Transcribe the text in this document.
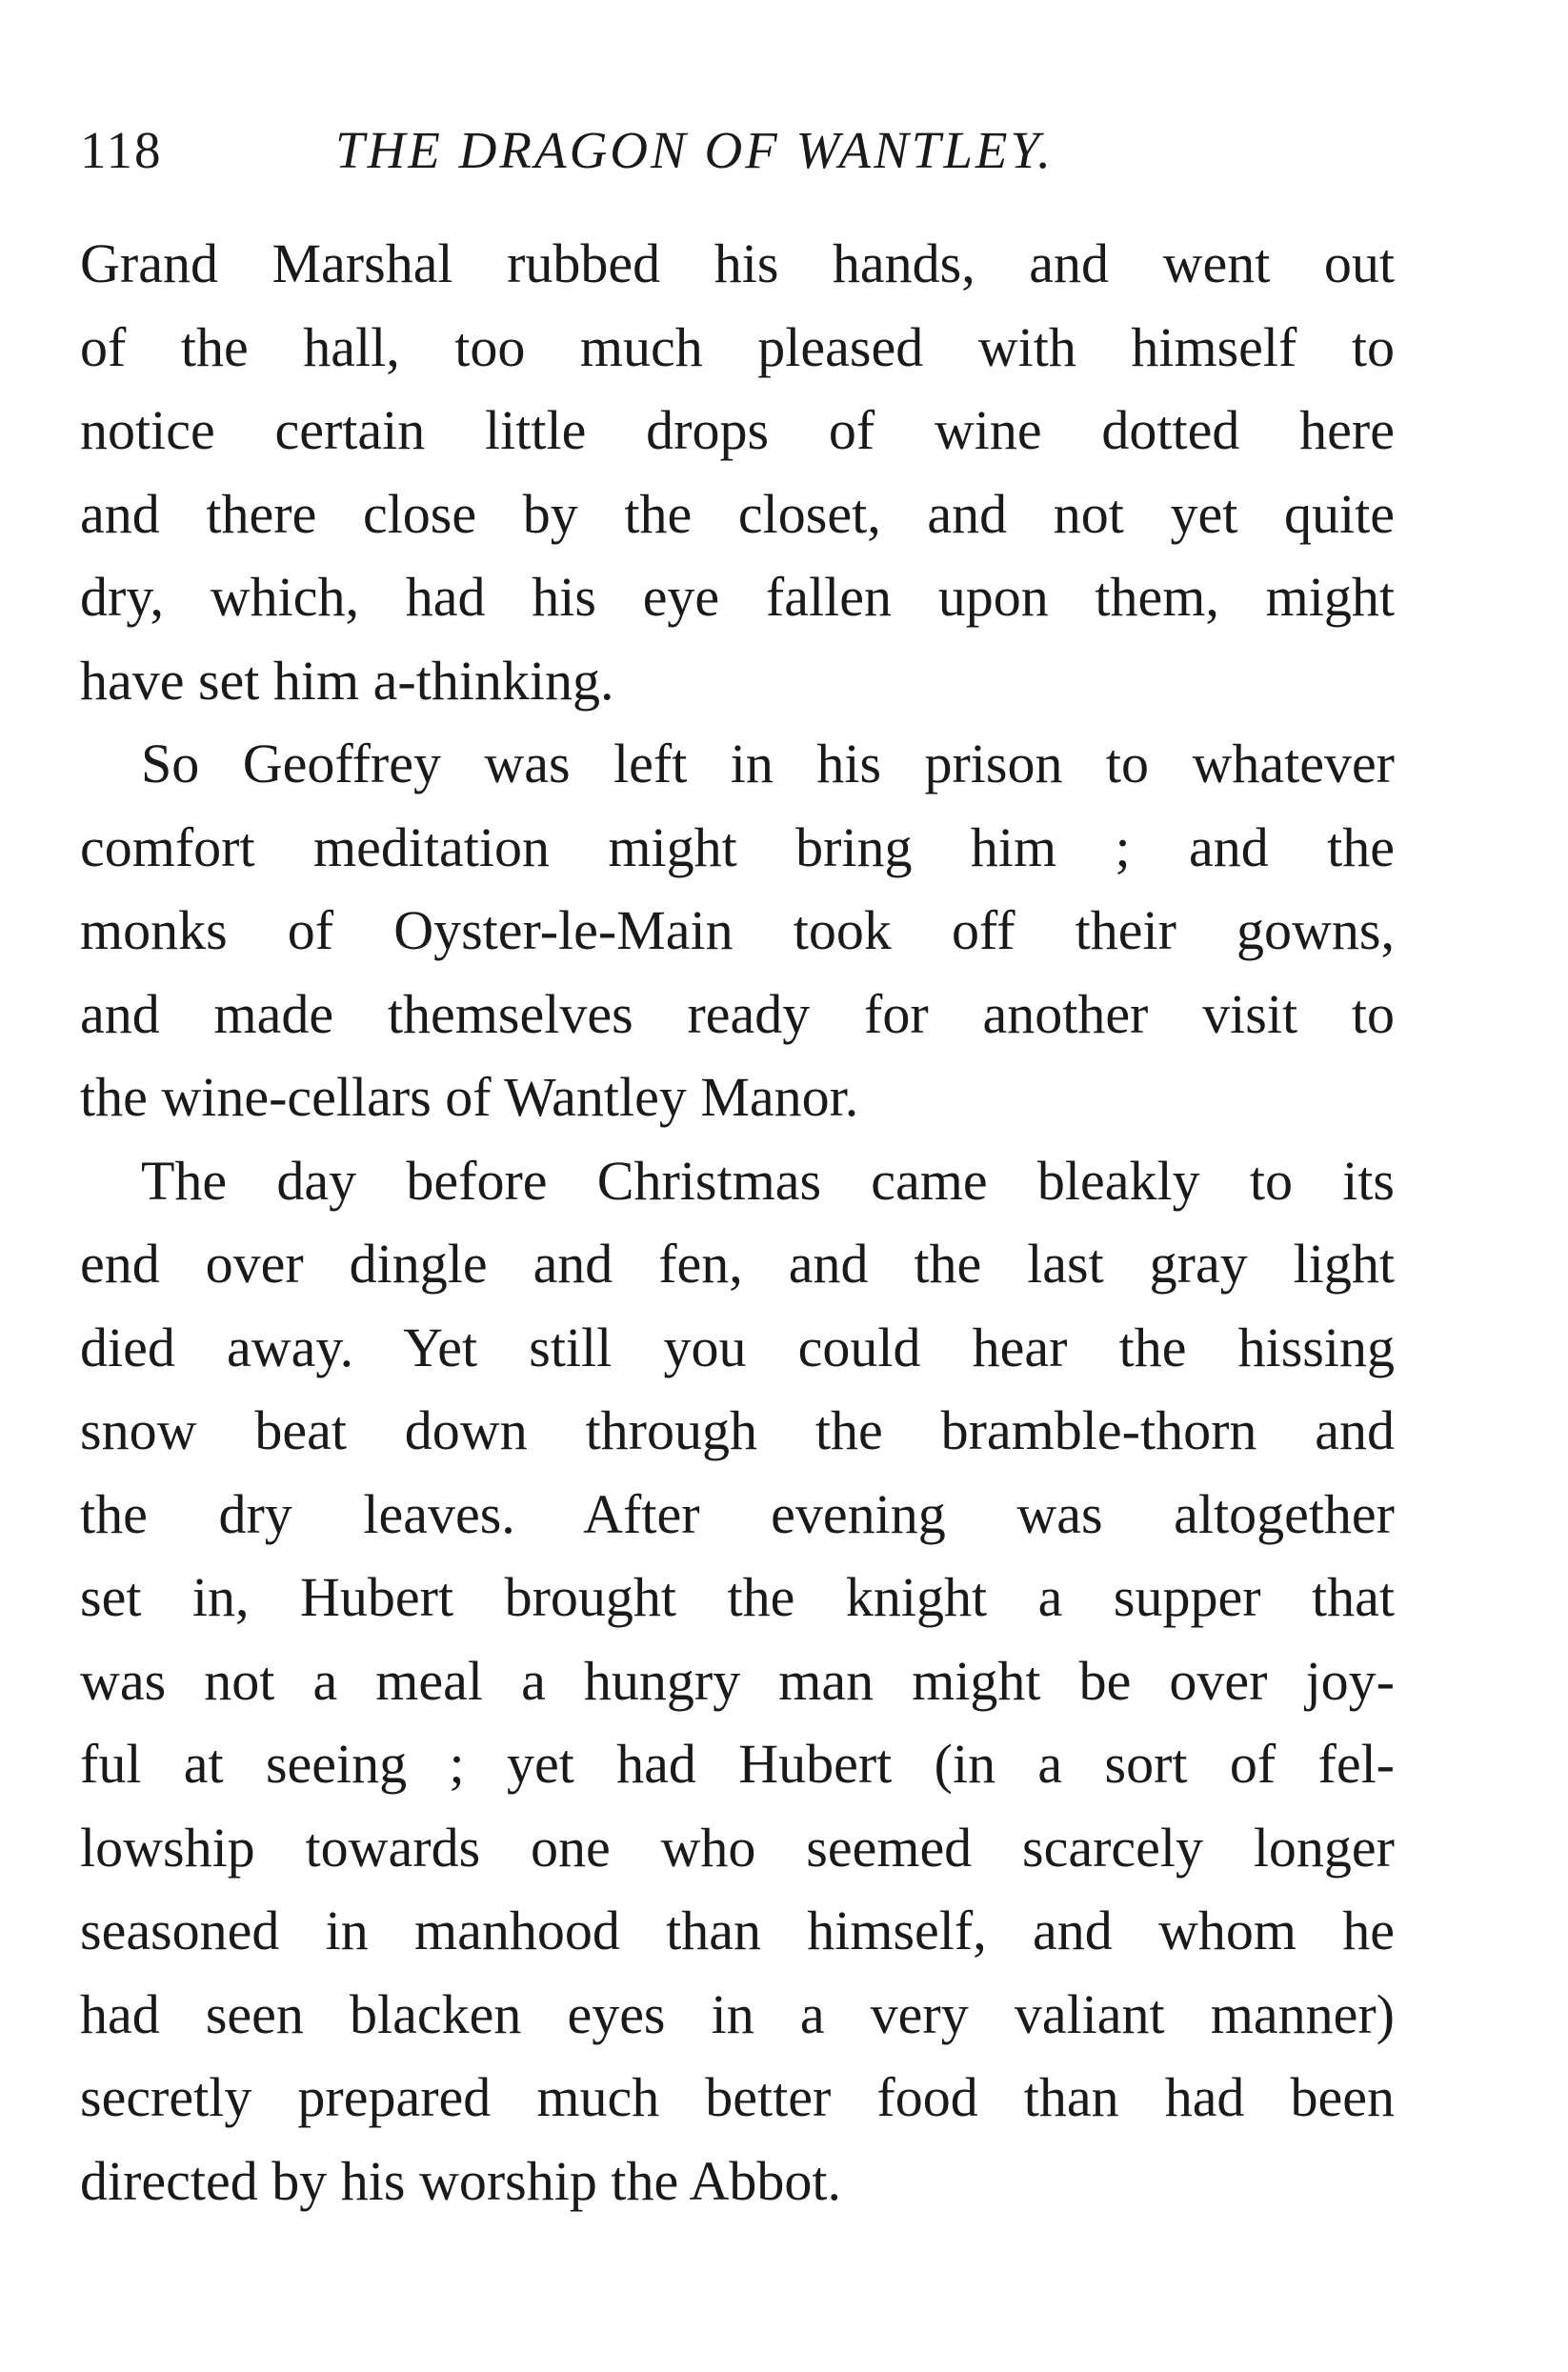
118	THE DRAGON OF WANTLEY.
Grand Marshal rubbed his hands, and went out
of the hall, too much pleased with himself to
notice certain little drops of wine dotted here
and there close by the closet, and not yet quite
dry, which, had his eye fallen upon them, might
have set him a-thinking.
So Geoffrey was left in his prison to whatever
comfort meditation might bring him ; and the
monks of Oyster-le-Main took off their gowns,
and made themselves ready for another visit to
the wine-cellars of Wantley Manor.
The day before Christmas came bleakly to its
end over dingle and fen, and the last gray light
died away. Yet still you could hear the hissing
snow beat down through the bramble-thorn and
the dry leaves. After evening was altogether
set in, Hubert brought the knight a supper that
was not a meal a hungry man might be over joy-
ful at seeing ; yet had Hubert (in a sort of fel-
lowship towards one who seemed scarcely longer
seasoned in manhood than himself, and whom he
had seen blacken eyes in a very valiant manner)
secretly prepared much better food than had been
directed by his worship the Abbot.
